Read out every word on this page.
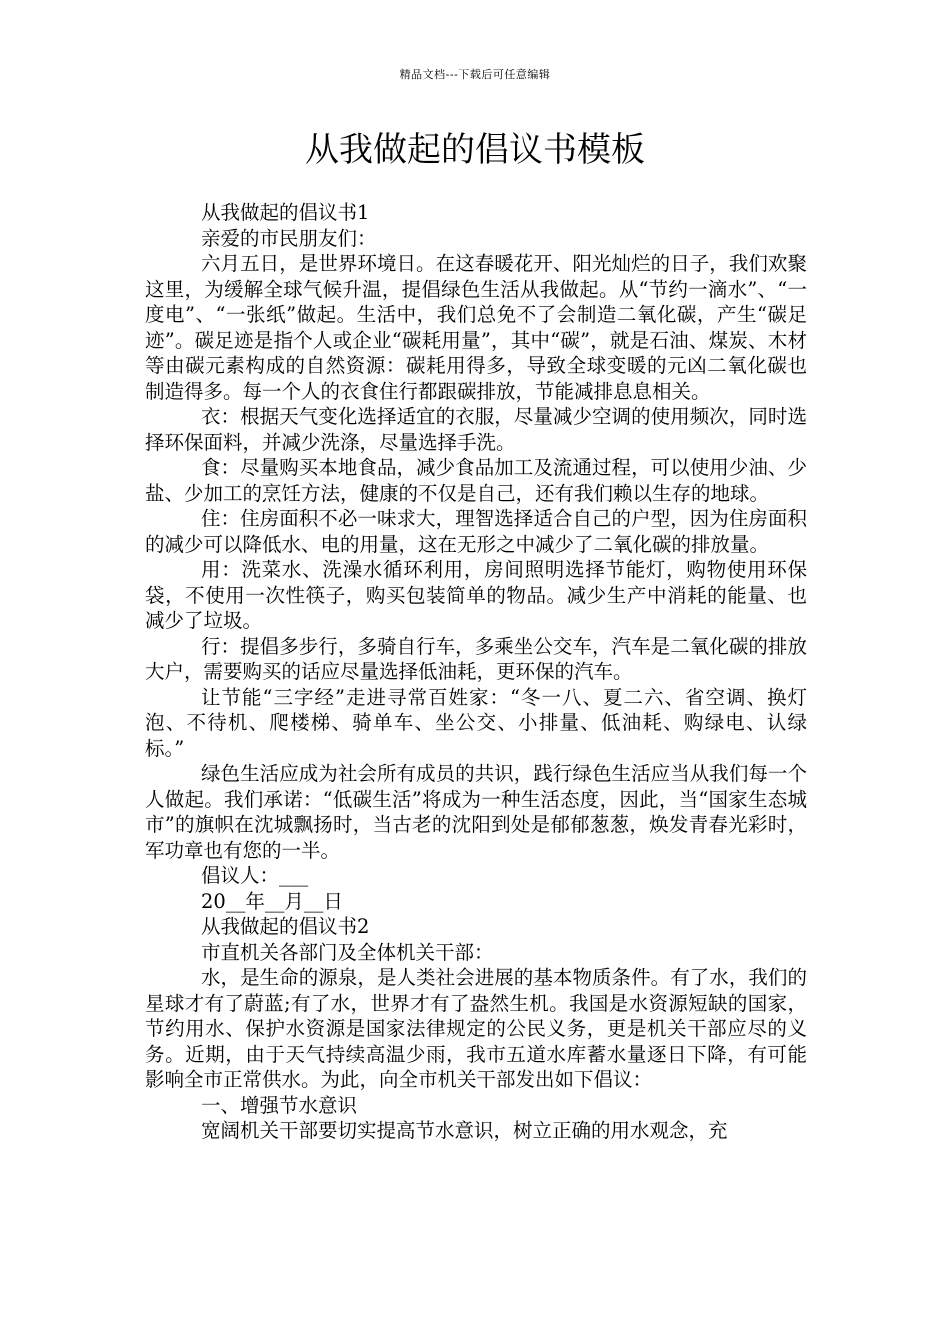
精品文档---下载后可任意编辑
从我做起的倡议书模板

从我做起的倡议书1

亲爱的市民朋友们：

六月五日，是世界环境日。在这春暖花开、阳光灿烂的日子，我们欢聚这里，为缓解全球气候升温，提倡绿色生活从我做起。从“节约一滴水”、“一度电”、“一张纸”做起。生活中，我们总免不了会制造二氧化碳，产生“碳足迹”。碳足迹是指个人或企业“碳耗用量”，其中“碳”，就是石油、煤炭、木材等由碳元素构成的自然资源：碳耗用得多，导致全球变暖的元凶二氧化碳也制造得多。每一个人的衣食住行都跟碳排放，节能减排息息相关。

衣：根据天气变化选择适宜的衣服，尽量减少空调的使用频次，同时选择环保面料，并减少洗涤，尽量选择手洗。

食：尽量购买本地食品，减少食品加工及流通过程，可以使用少油、少盐、少加工的烹饪方法，健康的不仅是自己，还有我们赖以生存的地球。

住：住房面积不必一味求大，理智选择适合自己的户型，因为住房面积的减少可以降低水、电的用量，这在无形之中减少了二氧化碳的排放量。

用：洗菜水、洗澡水循环利用，房间照明选择节能灯，购物使用环保袋，不使用一次性筷子，购买包装简单的物品。减少生产中消耗的能量、也减少了垃圾。

行：提倡多步行，多骑自行车，多乘坐公交车，汽车是二氧化碳的排放大户，需要购买的话应尽量选择低油耗，更环保的汽车。

让节能“三字经”走进寻常百姓家：“冬一八、夏二六、省空调、换灯泡、不待机、爬楼梯、骑单车、坐公交、小排量、低油耗、购绿电、认绿标。”

绿色生活应成为社会所有成员的共识，践行绿色生活应当从我们每一个人做起。我们承诺：“低碳生活”将成为一种生活态度，因此，当“国家生态城市”的旗帜在沈城飘扬时，当古老的沈阳到处是郁郁葱葱，焕发青春光彩时，军功章也有您的一半。

倡议人：___

20__年__月__日

从我做起的倡议书2

市直机关各部门及全体机关干部：

水，是生命的源泉，是人类社会进展的基本物质条件。有了水，我们的星球才有了蔚蓝;有了水，世界才有了盎然生机。我国是水资源短缺的国家，节约用水、保护水资源是国家法律规定的公民义务，更是机关干部应尽的义务。近期，由于天气持续高温少雨，我市五道水库蓄水量逐日下降，有可能影响全市正常供水。为此，向全市机关干部发出如下倡议：

一、增强节水意识

宽阔机关干部要切实提高节水意识，树立正确的用水观念，充
